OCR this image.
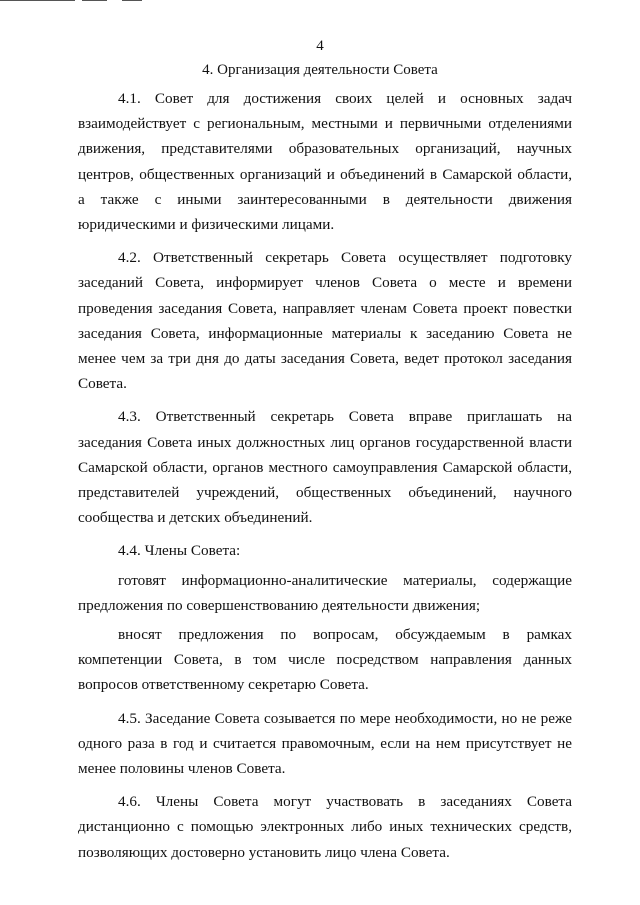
4
4. Организация деятельности Совета

4.1. Совет для достижения своих целей и основных задач взаимодействует с региональным, местными и первичными отделениями движения, представителями образовательных организаций, научных центров, общественных организаций и объединений в Самарской области, а также с иными заинтересованными в деятельности движения юридическими и физическими лицами.

4.2. Ответственный секретарь Совета осуществляет подготовку заседаний Совета, информирует членов Совета о месте и времени проведения заседания Совета, направляет членам Совета проект повестки заседания Совета, информационные материалы к заседанию Совета не менее чем за три дня до даты заседания Совета, ведет протокол заседания Совета.

4.3. Ответственный секретарь Совета вправе приглашать на заседания Совета иных должностных лиц органов государственной власти Самарской области, органов местного самоуправления Самарской области, представителей учреждений, общественных объединений, научного сообщества и детских объединений.

4.4. Члены Совета:

готовят информационно-аналитические материалы, содержащие предложения по совершенствованию деятельности движения;

вносят предложения по вопросам, обсуждаемым в рамках компетенции Совета, в том числе посредством направления данных вопросов ответственному секретарю Совета.

4.5. Заседание Совета созывается по мере необходимости, но не реже одного раза в год и считается правомочным, если на нем присутствует не менее половины членов Совета.

4.6. Члены Совета могут участвовать в заседаниях Совета дистанционно с помощью электронных либо иных технических средств, позволяющих достоверно установить лицо члена Совета.
